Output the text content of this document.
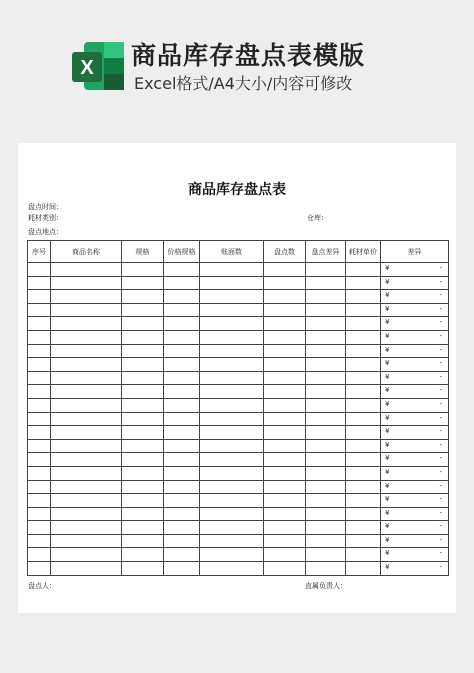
X 商品库存盘点表模版
Excel格式/A4大小/内容可修改
商品库存盘点表
盘点时间：
耗材类别：	仓库：
盘点地点：
序号	商品名称	规格	价格规格	账面数	盘点数	盘点差异	耗材单价	差异

								¥ -

								¥ -

								¥ -

								¥ -

								¥ -

								¥ -

								¥ -

								¥ -

								¥ -

								¥ -

								¥ -

								¥ -

								¥ -

								¥ -

								¥ -

								¥ -

								¥ -

								¥ -

								¥ -

								¥ -

								¥ -

								¥ -

								¥ -
盘点人：	直属负责人：
